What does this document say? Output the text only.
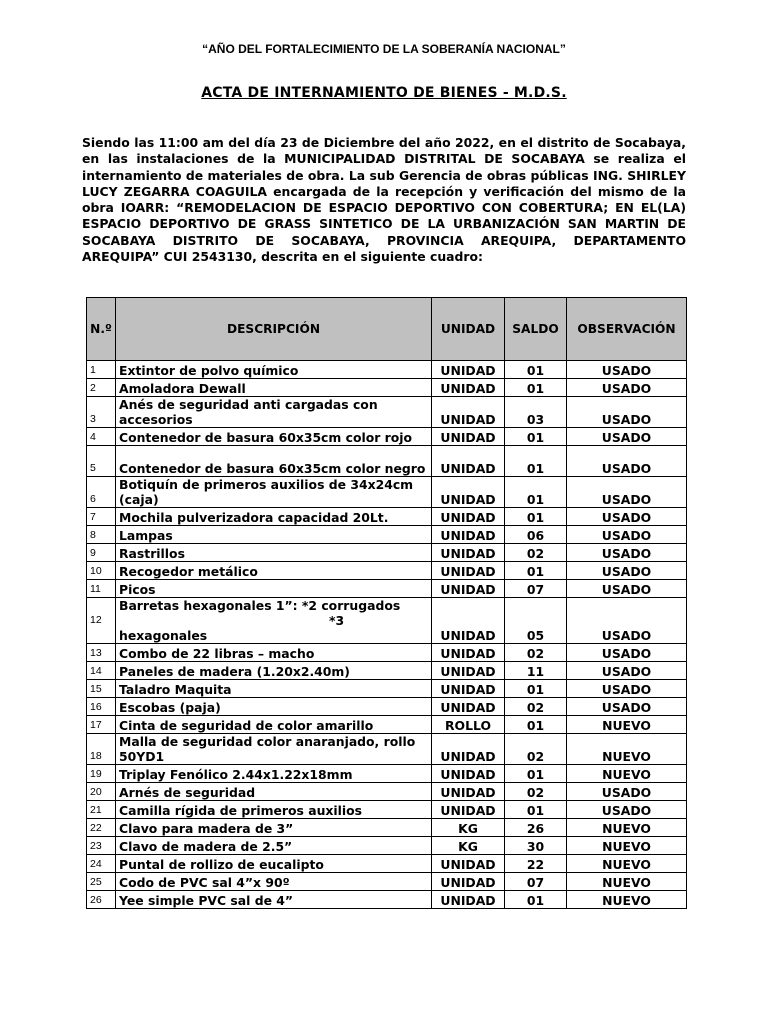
“AÑO DEL FORTALECIMIENTO DE LA SOBERANÍA NACIONAL”
ACTA DE INTERNAMIENTO DE BIENES - M.D.S.

Siendo las 11:00 am del día 23 de Diciembre del año 2022, en el distrito de Socabaya, en las instalaciones de la MUNICIPALIDAD DISTRITAL DE SOCABAYA se realiza el internamiento de materiales de obra. La sub Gerencia de obras públicas ING. SHIRLEY LUCY ZEGARRA COAGUILA encargada de la recepción y verificación del mismo de la obra IOARR: “REMODELACION DE ESPACIO DEPORTIVO CON COBERTURA; EN EL(LA) ESPACIO DEPORTIVO DE GRASS SINTETICO DE LA URBANIZACIÓN SAN MARTIN DE SOCABAYA DISTRITO DE SOCABAYA, PROVINCIA AREQUIPA, DEPARTAMENTO AREQUIPA” CUI 2543130, descrita en el siguiente cuadro:

N.º	DESCRIPCIÓN	UNIDAD	SALDO	OBSERVACIÓN
1	Extintor de polvo químico	UNIDAD	01	USADO
2	Amoladora Dewall	UNIDAD	01	USADO
3	Anés de seguridad anti cargadas con accesorios	UNIDAD	03	USADO
4	Contenedor de basura 60x35cm color rojo	UNIDAD	01	USADO
5	Contenedor de basura 60x35cm color negro	UNIDAD	01	USADO
6	Botiquín de primeros auxilios de 34x24cm (caja)	UNIDAD	01	USADO
7	Mochila pulverizadora capacidad 20Lt.	UNIDAD	01	USADO
8	Lampas	UNIDAD	06	USADO
9	Rastrillos	UNIDAD	02	USADO
10	Recogedor metálico	UNIDAD	01	USADO
11	Picos	UNIDAD	07	USADO
12	Barretas hexagonales 1”: *2 corrugados
*3
hexagonales	UNIDAD	05	USADO
13	Combo de 22 libras – macho	UNIDAD	02	USADO
14	Paneles de madera (1.20x2.40m)	UNIDAD	11	USADO
15	Taladro Maquita	UNIDAD	01	USADO
16	Escobas (paja)	UNIDAD	02	USADO
17	Cinta de seguridad de color amarillo	ROLLO	01	NUEVO
18	Malla de seguridad color anaranjado, rollo 50YD1	UNIDAD	02	NUEVO
19	Triplay Fenólico 2.44x1.22x18mm	UNIDAD	01	NUEVO
20	Arnés de seguridad	UNIDAD	02	USADO
21	Camilla rígida de primeros auxilios	UNIDAD	01	USADO
22	Clavo para madera de 3”	KG	26	NUEVO
23	Clavo de madera de 2.5”	KG	30	NUEVO
24	Puntal de rollizo de eucalipto	UNIDAD	22	NUEVO
25	Codo de PVC sal 4”x 90º	UNIDAD	07	NUEVO
26	Yee simple PVC sal de 4”	UNIDAD	01	NUEVO
